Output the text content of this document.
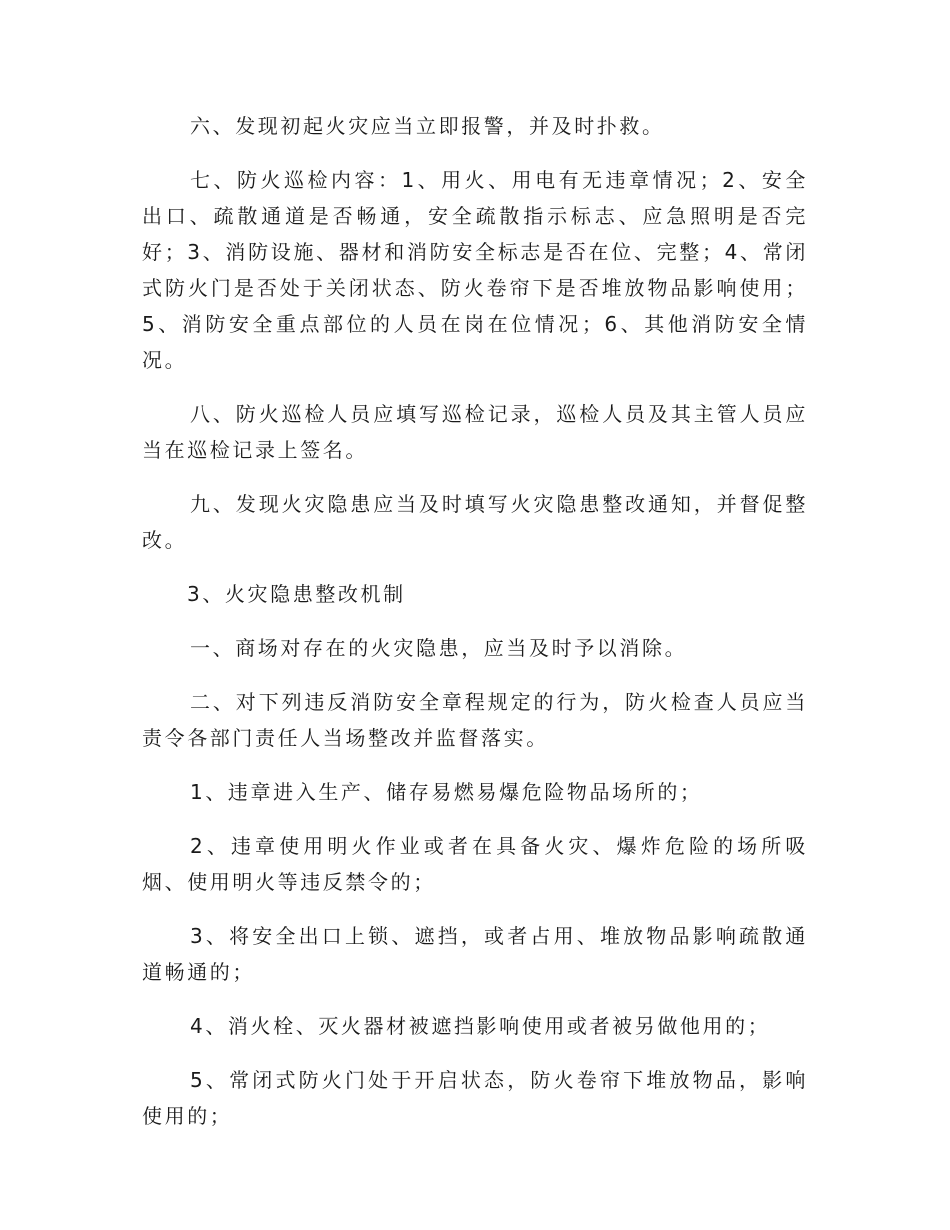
六、发现初起火灾应当立即报警，并及时扑救。

七、防火巡检内容：1、用火、用电有无违章情况；2、安全出口、疏散通道是否畅通，安全疏散指示标志、应急照明是否完好；3、消防设施、器材和消防安全标志是否在位、完整；4、常闭式防火门是否处于关闭状态、防火卷帘下是否堆放物品影响使用；5、消防安全重点部位的人员在岗在位情况；6、其他消防安全情况。

八、防火巡检人员应填写巡检记录，巡检人员及其主管人员应当在巡检记录上签名。

九、发现火灾隐患应当及时填写火灾隐患整改通知，并督促整改。

3、火灾隐患整改机制

一、商场对存在的火灾隐患，应当及时予以消除。

二、对下列违反消防安全章程规定的行为，防火检查人员应当责令各部门责任人当场整改并监督落实。

1、违章进入生产、储存易燃易爆危险物品场所的；

2、违章使用明火作业或者在具备火灾、爆炸危险的场所吸烟、使用明火等违反禁令的；

3、将安全出口上锁、遮挡，或者占用、堆放物品影响疏散通道畅通的；

4、消火栓、灭火器材被遮挡影响使用或者被另做他用的；

5、常闭式防火门处于开启状态，防火卷帘下堆放物品，影响使用的；
